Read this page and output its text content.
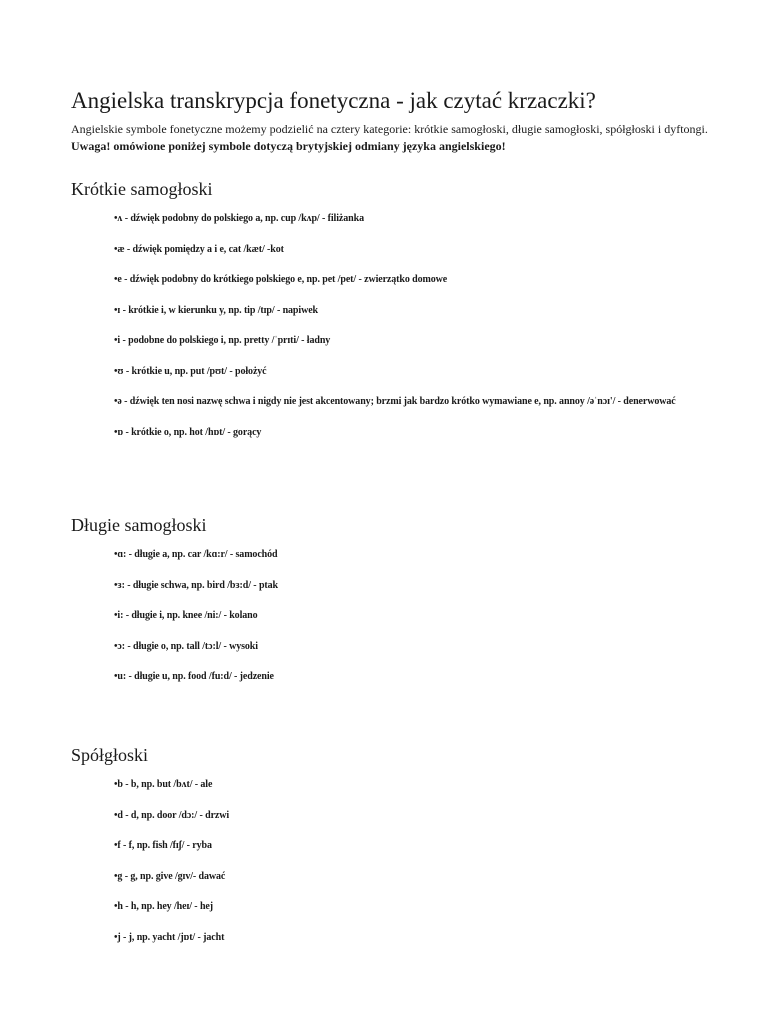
Angielska transkrypcja fonetyczna - jak czytać krzaczki?

Angielskie symbole fonetyczne możemy podzielić na cztery kategorie: krótkie samogłoski, długie samogłoski, spółgłoski i dyftongi. Uwaga! omówione poniżej symbole dotyczą brytyjskiej odmiany języka angielskiego!

Krótkie samogłoski
•ʌ - dźwięk podobny do polskiego a, np. cup /kʌp/ - filiżanka
•æ - dźwięk pomiędzy a i e, cat /kæt/ -kot
•e - dźwięk podobny do krótkiego polskiego e, np. pet /pet/ - zwierzątko domowe
•ɪ - krótkie i, w kierunku y, np. tip /tɪp/ - napiwek
•i - podobne do polskiego i, np. pretty /ˈprɪti/ - ładny
•ʊ - krótkie u, np. put /pʊt/ - położyć
•ə - dźwięk ten nosi nazwę schwa i nigdy nie jest akcentowany; brzmi jak bardzo krótko wymawiane e, np. annoy /əˈnɔɪ'/ - denerwować
•ɒ - krótkie o, np. hot /hɒt/ - gorący
Długie samogłoski
•ɑ: - długie a, np. car /kɑ:r/ - samochód
•ɜ: - długie schwa, np. bird /bɜ:d/ - ptak
•i: - długie i, np. knee /ni:/ - kolano
•ɔ: - długie o, np. tall /tɔ:l/ - wysoki
•u: - długie u, np. food /fu:d/ - jedzenie
Spółgłoski
•b - b, np. but /bʌt/ - ale
•d - d, np. door /dɔ:/ - drzwi
•f - f, np. fish /fɪʃ/ - ryba
•g - g, np. give /gɪv/- dawać
•h - h, np. hey /heɪ/ - hej
•j - j, np. yacht /jɒt/ - jacht
